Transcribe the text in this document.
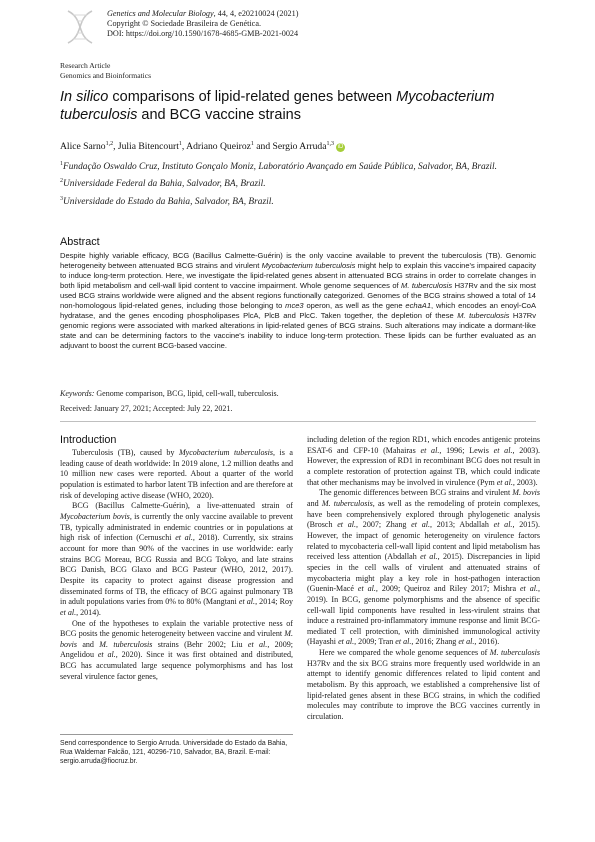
Genetics and Molecular Biology, 44, 4, e20210024 (2021)
Copyright © Sociedade Brasileira de Genética.
DOI: https://doi.org/10.1590/1678-4685-GMB-2021-0024
Research Article
Genomics and Bioinformatics
In silico comparisons of lipid-related genes between Mycobacterium tuberculosis and BCG vaccine strains
Alice Sarno$^{1,2}$, Julia Bitencourt$^1$, Adriano Queiroz$^1$ and Sergio Arruda$^{1,3}$iD
$^1$Fundação Oswaldo Cruz, Instituto Gonçalo Moniz, Laboratório Avançado em Saúde Pública, Salvador, BA, Brazil.
$^2$Universidade Federal da Bahia, Salvador, BA, Brazil.
$^3$Universidade do Estado da Bahia, Salvador, BA, Brazil.
Abstract
Despite highly variable efficacy, BCG (Bacillus Calmette-Guérin) is the only vaccine available to prevent the tuberculosis (TB). Genomic heterogeneity between attenuated BCG strains and virulent Mycobacterium tuberculosis might help to explain this vaccine's impaired capacity to induce long-term protection. Here, we investigate the lipid-related genes absent in attenuated BCG strains in order to correlate changes in both lipid metabolism and cell-wall lipid content to vaccine impairment. Whole genome sequences of M. tuberculosis H37Rv and the six most used BCG strains worldwide were aligned and the absent regions functionally categorized. Genomes of the BCG strains showed a total of 14 non-homologous lipid-related genes, including those belonging to mce3 operon, as well as the gene echaA1, which encodes an enoyl-CoA hydratase, and the genes encoding phospholipases PlcA, PlcB and PlcC. Taken together, the depletion of these M. tuberculosis H37Rv genomic regions were associated with marked alterations in lipid-related genes of BCG strains. Such alterations may indicate a dormant-like state and can be determining factors to the vaccine's inability to induce long-term protection. These lipids can be further evaluated as an adjuvant to boost the current BCG-based vaccine.
Keywords: Genome comparison, BCG, lipid, cell-wall, tuberculosis.
Received: January 27, 2021; Accepted: July 22, 2021.
Introduction

Tuberculosis (TB), caused by Mycobacterium tuberculosis, is a leading cause of death worldwide: In 2019 alone, 1.2 million deaths and 10 million new cases were reported. About a quarter of the world population is estimated to harbor latent TB infection and are therefore at risk of developing active disease (WHO, 2020).

BCG (Bacillus Calmette-Guérin), a live-attenuated strain of Mycobacterium bovis, is currently the only vaccine available to prevent TB, typically administrated in endemic countries or in populations at high risk of infection (Cernuschi et al., 2018). Currently, six strains account for more than 90% of the vaccines in use worldwide: early strains BCG Moreau, BCG Russia and BCG Tokyo, and late strains BCG Danish, BCG Glaxo and BCG Pasteur (WHO, 2012, 2017). Despite its capacity to protect against disease progression and disseminated forms of TB, the efficacy of BCG against pulmonary TB in adult populations varies from 0% to 80% (Mangtani et al., 2014; Roy et al., 2014).

One of the hypotheses to explain the variable protective ness of BCG posits the genomic heterogeneity between vaccine and virulent M. bovis and M. tuberculosis strains (Behr 2002; Liu et al., 2009; Angelidou et al., 2020). Since it was first obtained and distributed, BCG has accumulated large sequence polymorphisms and has lost several virulence factor genes,

Send correspondence to Sergio Arruda. Universidade do Estado da Bahia, Rua Waldemar Falcão, 121, 40296-710, Salvador, BA, Brazil. E-mail: sergio.arruda@fiocruz.br.

including deletion of the region RD1, which encodes antigenic proteins ESAT-6 and CFP-10 (Mahairas et al., 1996; Lewis et al., 2003). However, the expression of RD1 in recombinant BCG does not result in a complete restoration of protection against TB, which could indicate that other mechanisms may be involved in virulence (Pym et al., 2003).

The genomic differences between BCG strains and virulent M. bovis and M. tuberculosis, as well as the remodeling of protein complexes, have been comprehensively explored through phylogenetic analysis (Brosch et al., 2007; Zhang et al., 2013; Abdallah et al., 2015). However, the impact of genomic heterogeneity on virulence factors related to mycobacteria cell-wall lipid content and lipid metabolism has received less attention (Abdallah et al., 2015). Discrepancies in lipid species in the cell walls of virulent and attenuated strains of mycobacteria might play a key role in host-pathogen interaction (Guenin-Macé et al., 2009; Queiroz and Riley 2017; Mishra et al., 2019). In BCG, genome polymorphisms and the absence of specific cell-wall lipid components have resulted in less-virulent strains that induce a restrained pro-inflammatory immune response and limit BCG-mediated T cell protection, with diminished immunological activity (Hayashi et al., 2009; Tran et al., 2016; Zhang et al., 2016).

Here we compared the whole genome sequences of M. tuberculosis H37Rv and the six BCG strains more frequently used worldwide in an attempt to identify genomic differences related to lipid content and metabolism. By this approach, we established a comprehensive list of lipid-related genes absent in these BCG strains, in which the codified molecules may contribute to improve the BCG vaccines currently in circulation.
